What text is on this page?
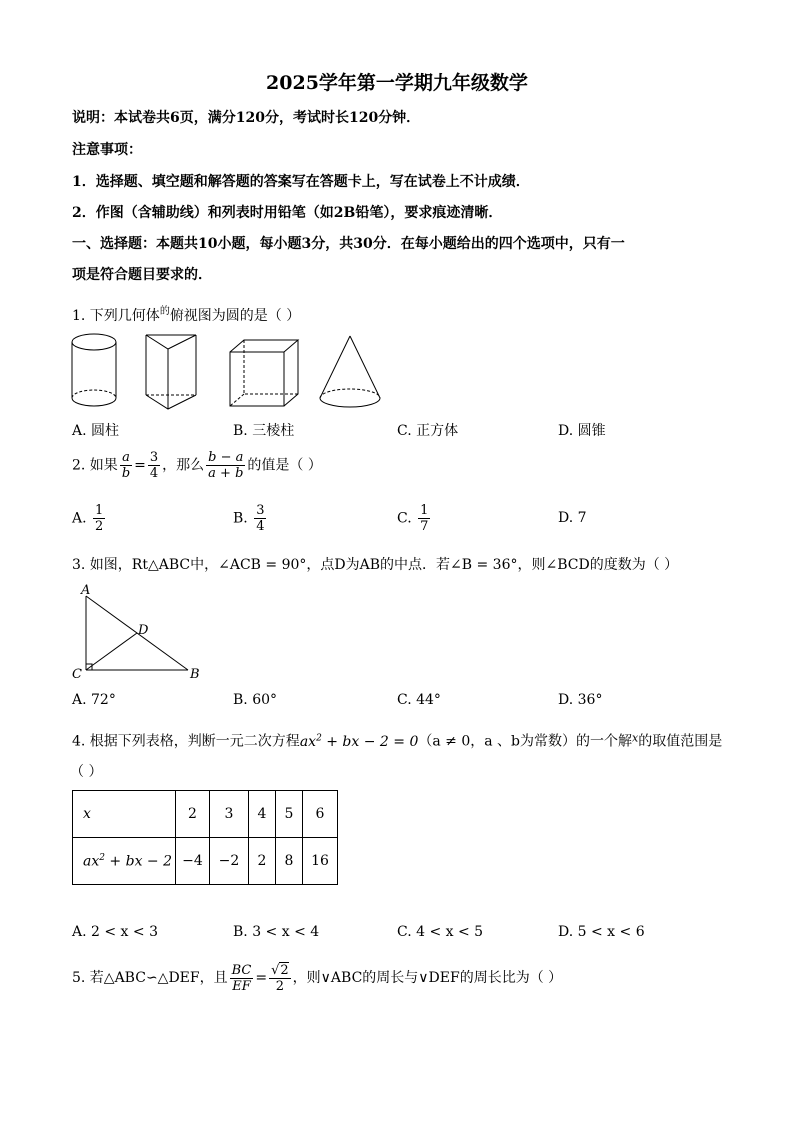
2025学年第一学期九年级数学
说明：本试卷共6页，满分120分，考试时长120分钟．
注意事项：
1．选择题、填空题和解答题的答案写在答题卡上，写在试卷上不计成绩．
2．作图（含辅助线）和列表时用铅笔（如2B铅笔），要求痕迹清晰．
一、选择题：本题共10小题，每小题3分，共30分．在每小题给出的四个选项中，只有一
项是符合题目要求的．
1. 下列几何体$^的$俯视图为圆的是（ ）
A. 圆柱	B. 三棱柱	C. 正方体	D. 圆锥
2. 如果 $\frac{a}{b} = \frac{3}{4}$ ，那么 $\frac{b - a}{a + b}$ 的值是（ ）
A. $\frac{1}{2}$	B. $\frac{3}{4}$	C. $\frac{1}{7}$	D. 7
3. 如图，Rt△ABC中，∠ACB = 90°，点D为AB的中点．若∠B = 36°，则∠BCD的度数为（ ）
A
D
C	B
A. 72°	B. 60°	C. 44°	D. 36°
4. 根据下列表格，判断一元二次方程$ax^2$ + bx − 2 = 0（a ≠ 0，a 、b为常数）的一个解$^x$的取值范围是
（ ）
x	2	3	4	5	6
$ax^2$ + bx − 2	−4	−2	2	8	16
A. 2 < x < 3	B. 3 < x < 4	C. 4 < x < 5	D. 5 < x < 6
5. 若△ABC∽△DEF，且 $\frac{BC}{EF} = \frac{√2}{2}$ ，则∨ABC的周长与∨DEF的周长比为（ ）
